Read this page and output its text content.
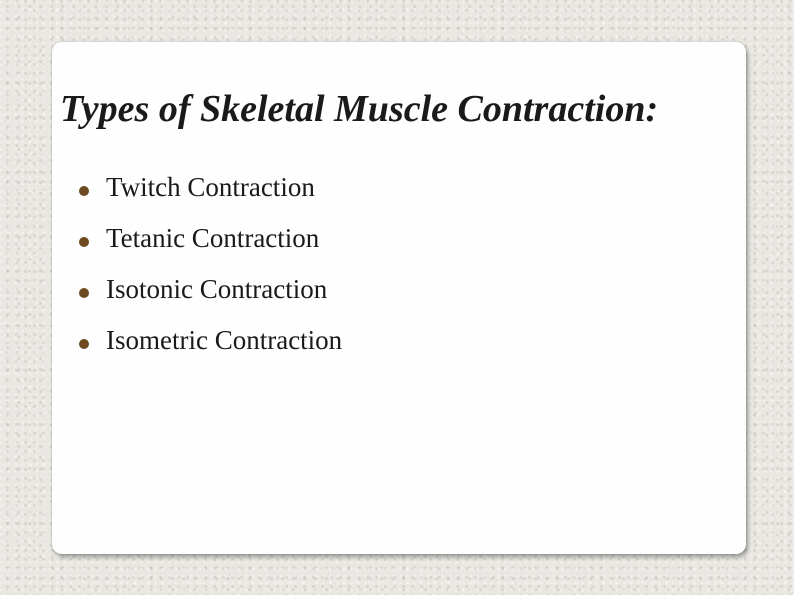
Types of Skeletal Muscle Contraction:
Twitch Contraction
Tetanic Contraction
Isotonic Contraction
Isometric Contraction
